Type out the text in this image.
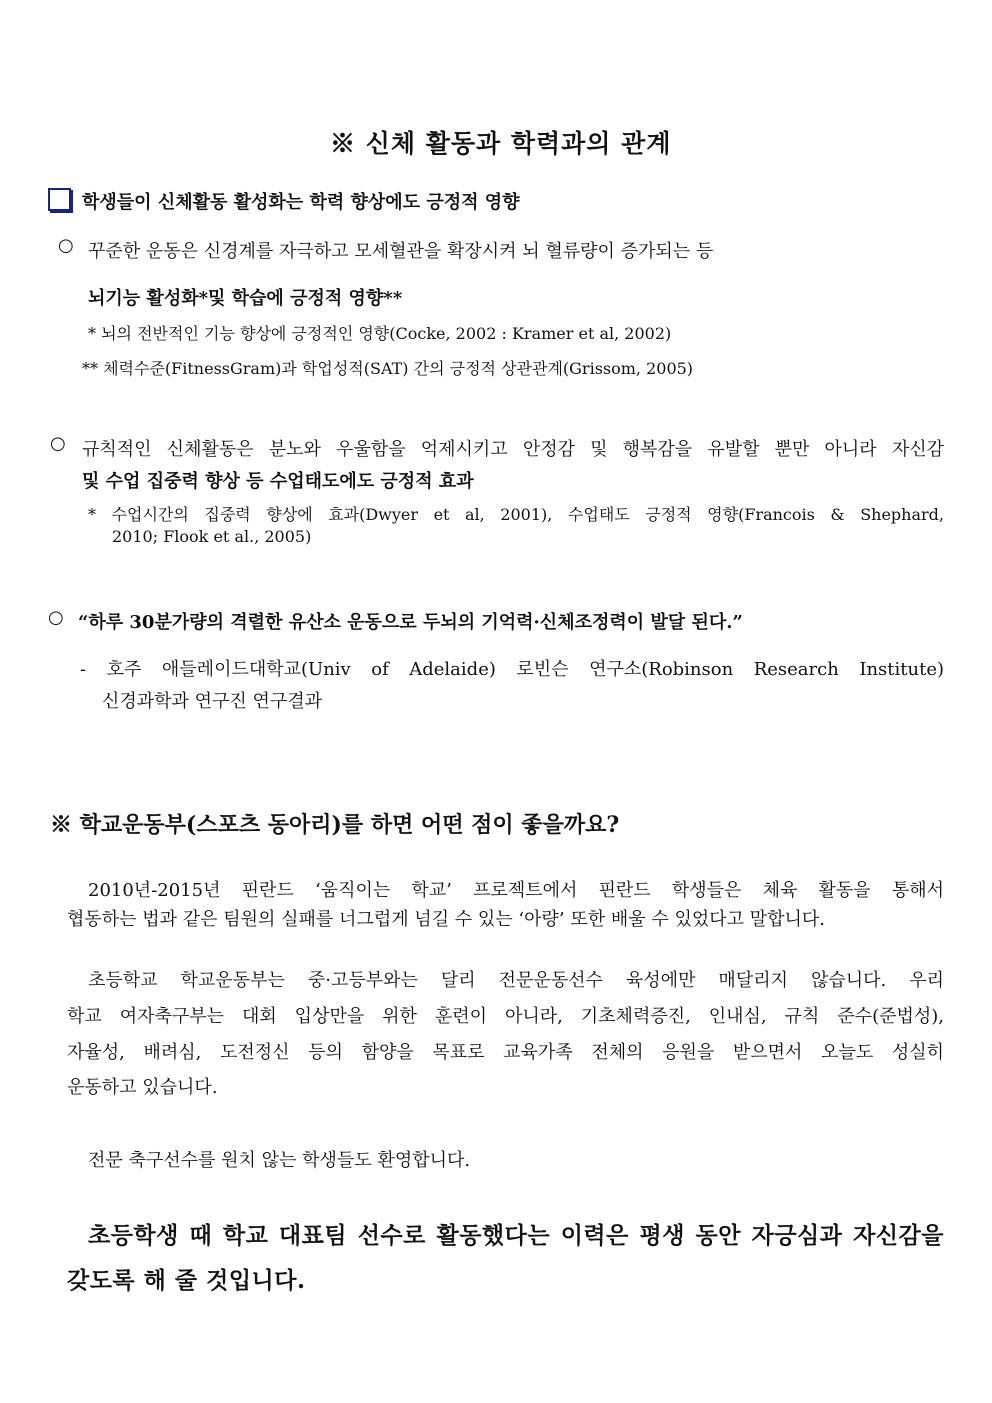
※ 신체 활동과 학력과의 관계
학생들이 신체활동 활성화는 학력 향상에도 긍정적 영향
○ 꾸준한 운동은 신경계를 자극하고 모세혈관을 확장시켜 뇌 혈류량이 증가되는 등
뇌기능 활성화*및 학습에 긍정적 영향**
* 뇌의 전반적인 기능 향상에 긍정적인 영향(Cocke, 2002 : Kramer et al, 2002)
** 체력수준(FitnessGram)과 학업성적(SAT) 간의 긍정적 상관관계(Grissom, 2005)
○ 규칙적인 신체활동은 분노와 우울함을 억제시키고 안정감 및 행복감을 유발할 뿐만 아니라 자신감
및 수업 집중력 향상 등 수업태도에도 긍정적 효과
* 수업시간의 집중력 향상에 효과(Dwyer et al, 2001), 수업태도 긍정적 영향(Francois & Shephard,
2010; Flook et al., 2005)
○ “하루 30분가량의 격렬한 유산소 운동으로 두뇌의 기억력·신체조정력이 발달 된다.”
- 호주 애들레이드대학교(Univ of Adelaide) 로빈슨 연구소(Robinson Research Institute)
신경과학과 연구진 연구결과
※ 학교운동부(스포츠 동아리)를 하면 어떤 점이 좋을까요?
2010년-2015년 핀란드 ‘움직이는 학교’ 프로젝트에서 핀란드 학생들은 체육 활동을 통해서
협동하는 법과 같은 팀원의 실패를 너그럽게 넘길 수 있는 ‘아량’ 또한 배울 수 있었다고 말합니다.
초등학교 학교운동부는 중·고등부와는 달리 전문운동선수 육성에만 매달리지 않습니다. 우리
학교 여자축구부는 대회 입상만을 위한 훈련이 아니라, 기초체력증진, 인내심, 규칙 준수(준법성),
자율성, 배려심, 도전정신 등의 함양을 목표로 교육가족 전체의 응원을 받으면서 오늘도 성실히
운동하고 있습니다.
전문 축구선수를 원치 않는 학생들도 환영합니다.
초등학생 때 학교 대표팀 선수로 활동했다는 이력은 평생 동안 자긍심과 자신감을
갖도록 해 줄 것입니다.
